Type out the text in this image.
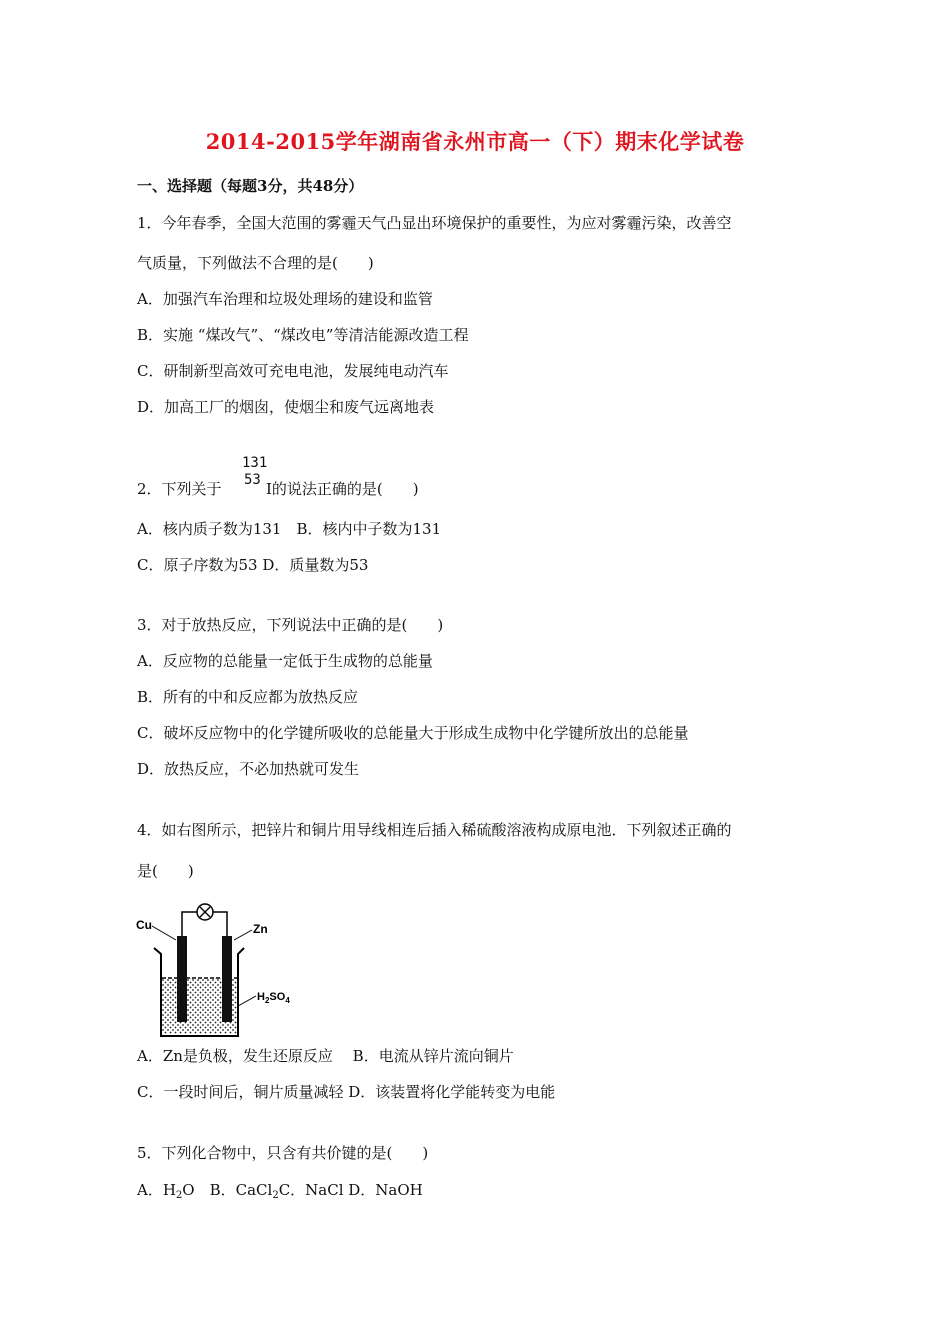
2014-2015学年湖南省永州市高一（下）期末化学试卷
一、选择题（每题3分，共48分）
1．今年春季，全国大范围的雾霾天气凸显出环境保护的重要性，为应对雾霾污染，改善空
气质量，下列做法不合理的是(　　)
A．加强汽车治理和垃圾处理场的建设和监管
B．实施 “煤改气”、“煤改电”等清洁能源改造工程
C．研制新型高效可充电电池，发展纯电动汽车
D．加高工厂的烟囱，使烟尘和废气远离地表
131
53
2．下列关于	I的说法正确的是(　　)
A．核内质子数为131　B．核内中子数为131
C．原子序数为53 D．质量数为53
3．对于放热反应，下列说法中正确的是(　　)
A．反应物的总能量一定低于生成物的总能量
B．所有的中和反应都为放热反应
C．破坏反应物中的化学键所吸收的总能量大于形成生成物中化学键所放出的总能量
D．放热反应，不必加热就可发生
4．如右图所示，把锌片和铜片用导线相连后插入稀硫酸溶液构成原电池．下列叙述正确的
是(　　)
Cu	Zn
$H_2SO_4$
A．Zn是负极，发生还原反应　 B．电流从锌片流向铜片
C．一段时间后，铜片质量减轻 D．该装置将化学能转变为电能
5．下列化合物中，只含有共价键的是(　　)
A．$H_2O$　B．CaCl$_2$C．NaCl D．NaOH
